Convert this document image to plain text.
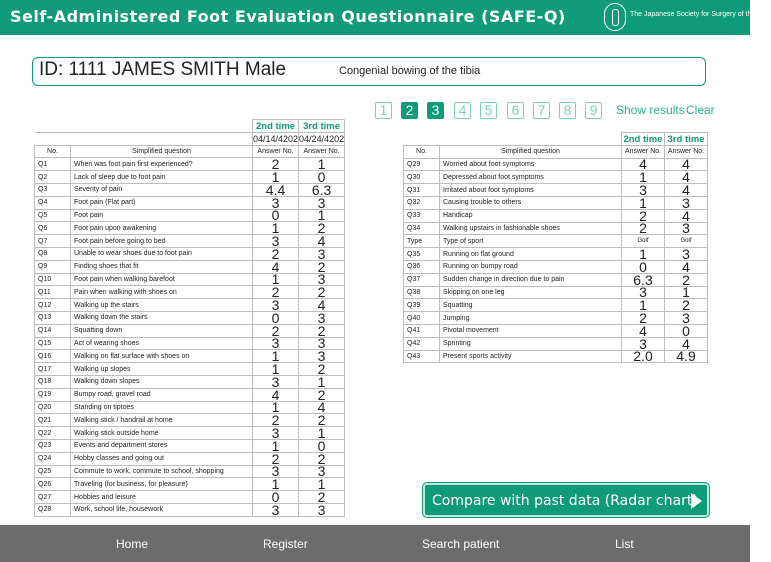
Self-Administered Foot Evaluation Questionnaire (SAFE-Q)	The Japanese Society for Surgery of the Foot
ID: 1111 JAMES SMITH Male	Congenial bowing of the tibia
1	2	3	4	5	6	7	8	9	Show results Clear
		2nd time	3rd time
		04/14/4202	04/24/4202
No.	Simplified question	Answer No.	Answer No.
Q1	When was foot pain first experienced?	2	1
Q2	Lack of sleep due to foot pain	1	0
Q3	Severity of pain	4.4	6.3
Q4	Foot pain (Flat part)	3	3
Q5	Foot pain	0	1
Q6	Foot pain upon awakening	1	2
Q7	Foot pain before going to bed	3	4
Q8	Unable to wear shoes due to foot pain	2	3
Q9	Finding shoes that fit	4	2
Q10	Foot pain when walking barefoot	1	3
Q11	Pain when walking with shoes on	2	2
Q12	Walking up the stairs	3	4
Q13	Walking down the stairs	0	3
Q14	Squatting down	2	2
Q15	Act of wearing shoes	3	3
Q16	Walking on flat surface with shoes on	1	3
Q17	Walking up slopes	1	2
Q18	Walking down slopes	3	1
Q19	Bumpy road, gravel road	4	2
Q20	Standing on tiptoes	1	4
Q21	Walking stick / handrail at home	2	2
Q22	Walking stick outside home	3	1
Q23	Events and department stores	1	0
Q24	Hobby classes and going out	2	2
Q25	Commute to work, commute to school, shopping	3	3
Q26	Traveling (for business, for pleasure)	1	1
Q27	Hobbies and leisure	0	2
Q28	Work, school life, housework	3	3
		2nd time	3rd time
No.	Simplified question	Answer No.	Answer No.
Q29	Worried about foot symptoms	4	4
Q30	Depressed about foot symptoms	1	4
Q31	Irritated about foot symptoms	3	4
Q32	Causing trouble to others	1	3
Q33	Handicap	2	4
Q34	Walking upstairs in fashionable shoes	2	3
Type	Type of sport	Golf	Golf
Q35	Running on flat ground	1	3
Q36	Running on bumpy road	0	4
Q37	Sudden change in direction due to pain	6.3	2
Q38	Skipping on one leg	3	1
Q39	Squatting	1	2
Q40	Jumping	2	3
Q41	Pivotal movement	4	0
Q42	Sprinting	3	4
Q43	Present sports activity	2.0	4.9
Compare with past data (Radar chart)
Home	Register	Search patient	List
